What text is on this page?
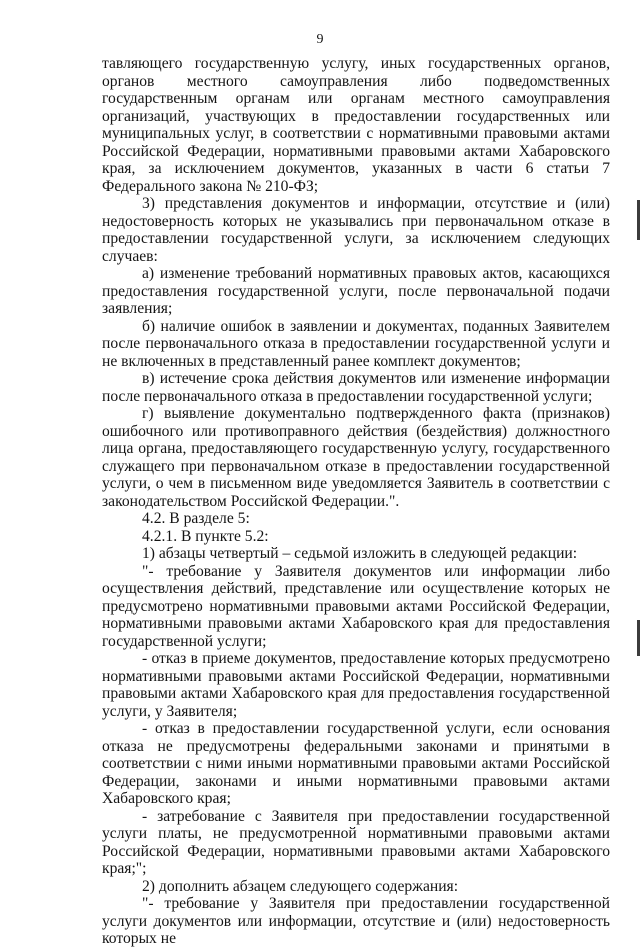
9

тавляющего государственную услугу, иных государственных органов, органов местного самоуправления либо подведомственных государственным органам или органам местного самоуправления организаций, участвующих в предоставлении государственных или муниципальных услуг, в соответствии с нормативными правовыми актами Российской Федерации, нормативными правовыми актами Хабаровского края, за исключением документов, указанных в части 6 статьи 7 Федерального закона № 210-ФЗ;

3) представления документов и информации, отсутствие и (или) недостоверность которых не указывались при первоначальном отказе в предоставлении государственной услуги, за исключением следующих случаев:

а) изменение требований нормативных правовых актов, касающихся предоставления государственной услуги, после первоначальной подачи заявления;

б) наличие ошибок в заявлении и документах, поданных Заявителем после первоначального отказа в предоставлении государственной услуги и не включенных в представленный ранее комплект документов;

в) истечение срока действия документов или изменение информации после первоначального отказа в предоставлении государственной услуги;

г) выявление документально подтвержденного факта (признаков) ошибочного или противоправного действия (бездействия) должностного лица органа, предоставляющего государственную услугу, государственного служащего при первоначальном отказе в предоставлении государственной услуги, о чем в письменном виде уведомляется Заявитель в соответствии с законодательством Российской Федерации.".

4.2. В разделе 5:

4.2.1. В пункте 5.2:

1) абзацы четвертый – седьмой изложить в следующей редакции:

"- требование у Заявителя документов или информации либо осуществления действий, представление или осуществление которых не предусмотрено нормативными правовыми актами Российской Федерации, нормативными правовыми актами Хабаровского края для предоставления государственной услуги;

- отказ в приеме документов, предоставление которых предусмотрено нормативными правовыми актами Российской Федерации, нормативными правовыми актами Хабаровского края для предоставления государственной услуги, у Заявителя;

- отказ в предоставлении государственной услуги, если основания отказа не предусмотрены федеральными законами и принятыми в соответствии с ними иными нормативными правовыми актами Российской Федерации, законами и иными нормативными правовыми актами Хабаровского края;

- затребование с Заявителя при предоставлении государственной услуги платы, не предусмотренной нормативными правовыми актами Российской Федерации, нормативными правовыми актами Хабаровского края;";

2) дополнить абзацем следующего содержания:

"- требование у Заявителя при предоставлении государственной услуги документов или информации, отсутствие и (или) недостоверность которых не
